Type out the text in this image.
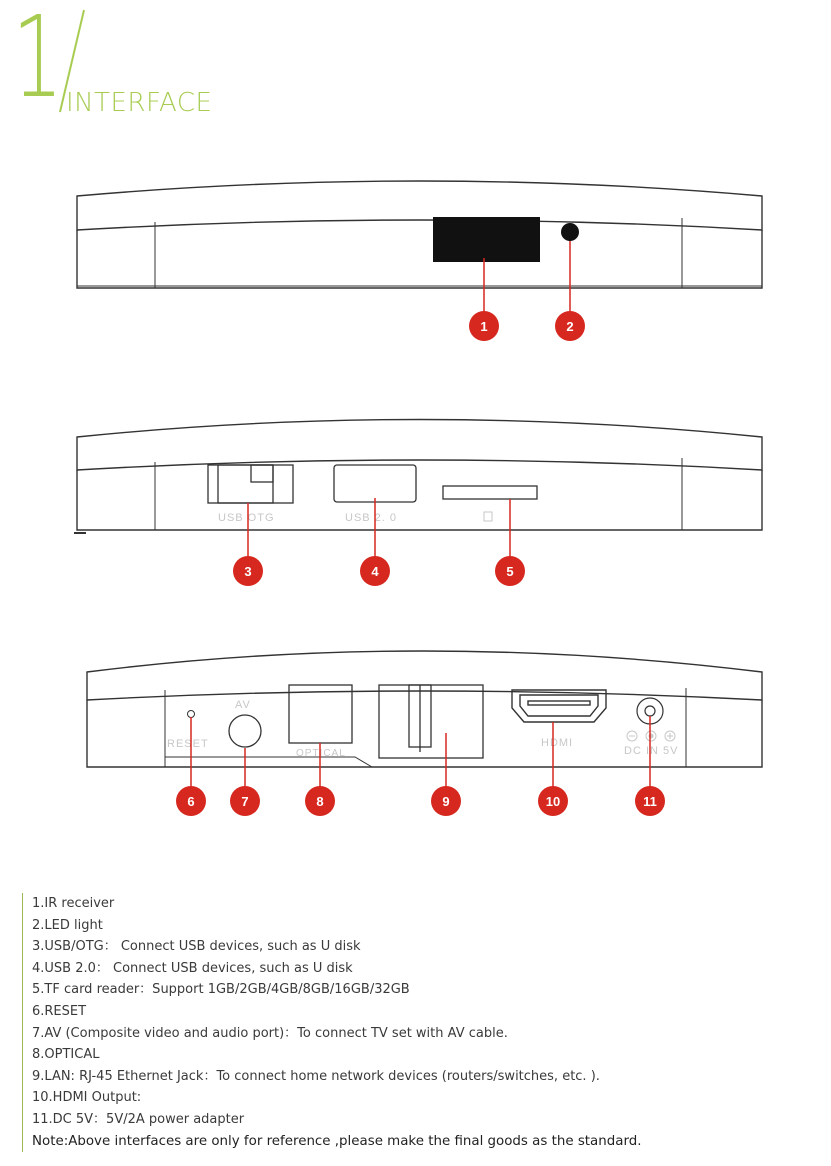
1 INTERFACE
USB OTG	USB 2. 0
RESET
AV
OPTICAL
HDMI
DC IN 5V
1	2
3	4	5
6	7	8	9	10	11
1.IR receiver
2.LED light
3.USB/OTG： Connect USB devices, such as U disk
4.USB 2.0： Connect USB devices, such as U disk
5.TF card reader：Support 1GB/2GB/4GB/8GB/16GB/32GB
6.RESET
7.AV (Composite video and audio port)：To connect TV set with AV cable.
8.OPTICAL
9.LAN: RJ-45 Ethernet Jack：To connect home network devices (routers/switches, etc. ).
10.HDMI Output:
11.DC 5V：5V/2A power adapter
Note:Above interfaces are only for reference ,please make the final goods as the standard.
